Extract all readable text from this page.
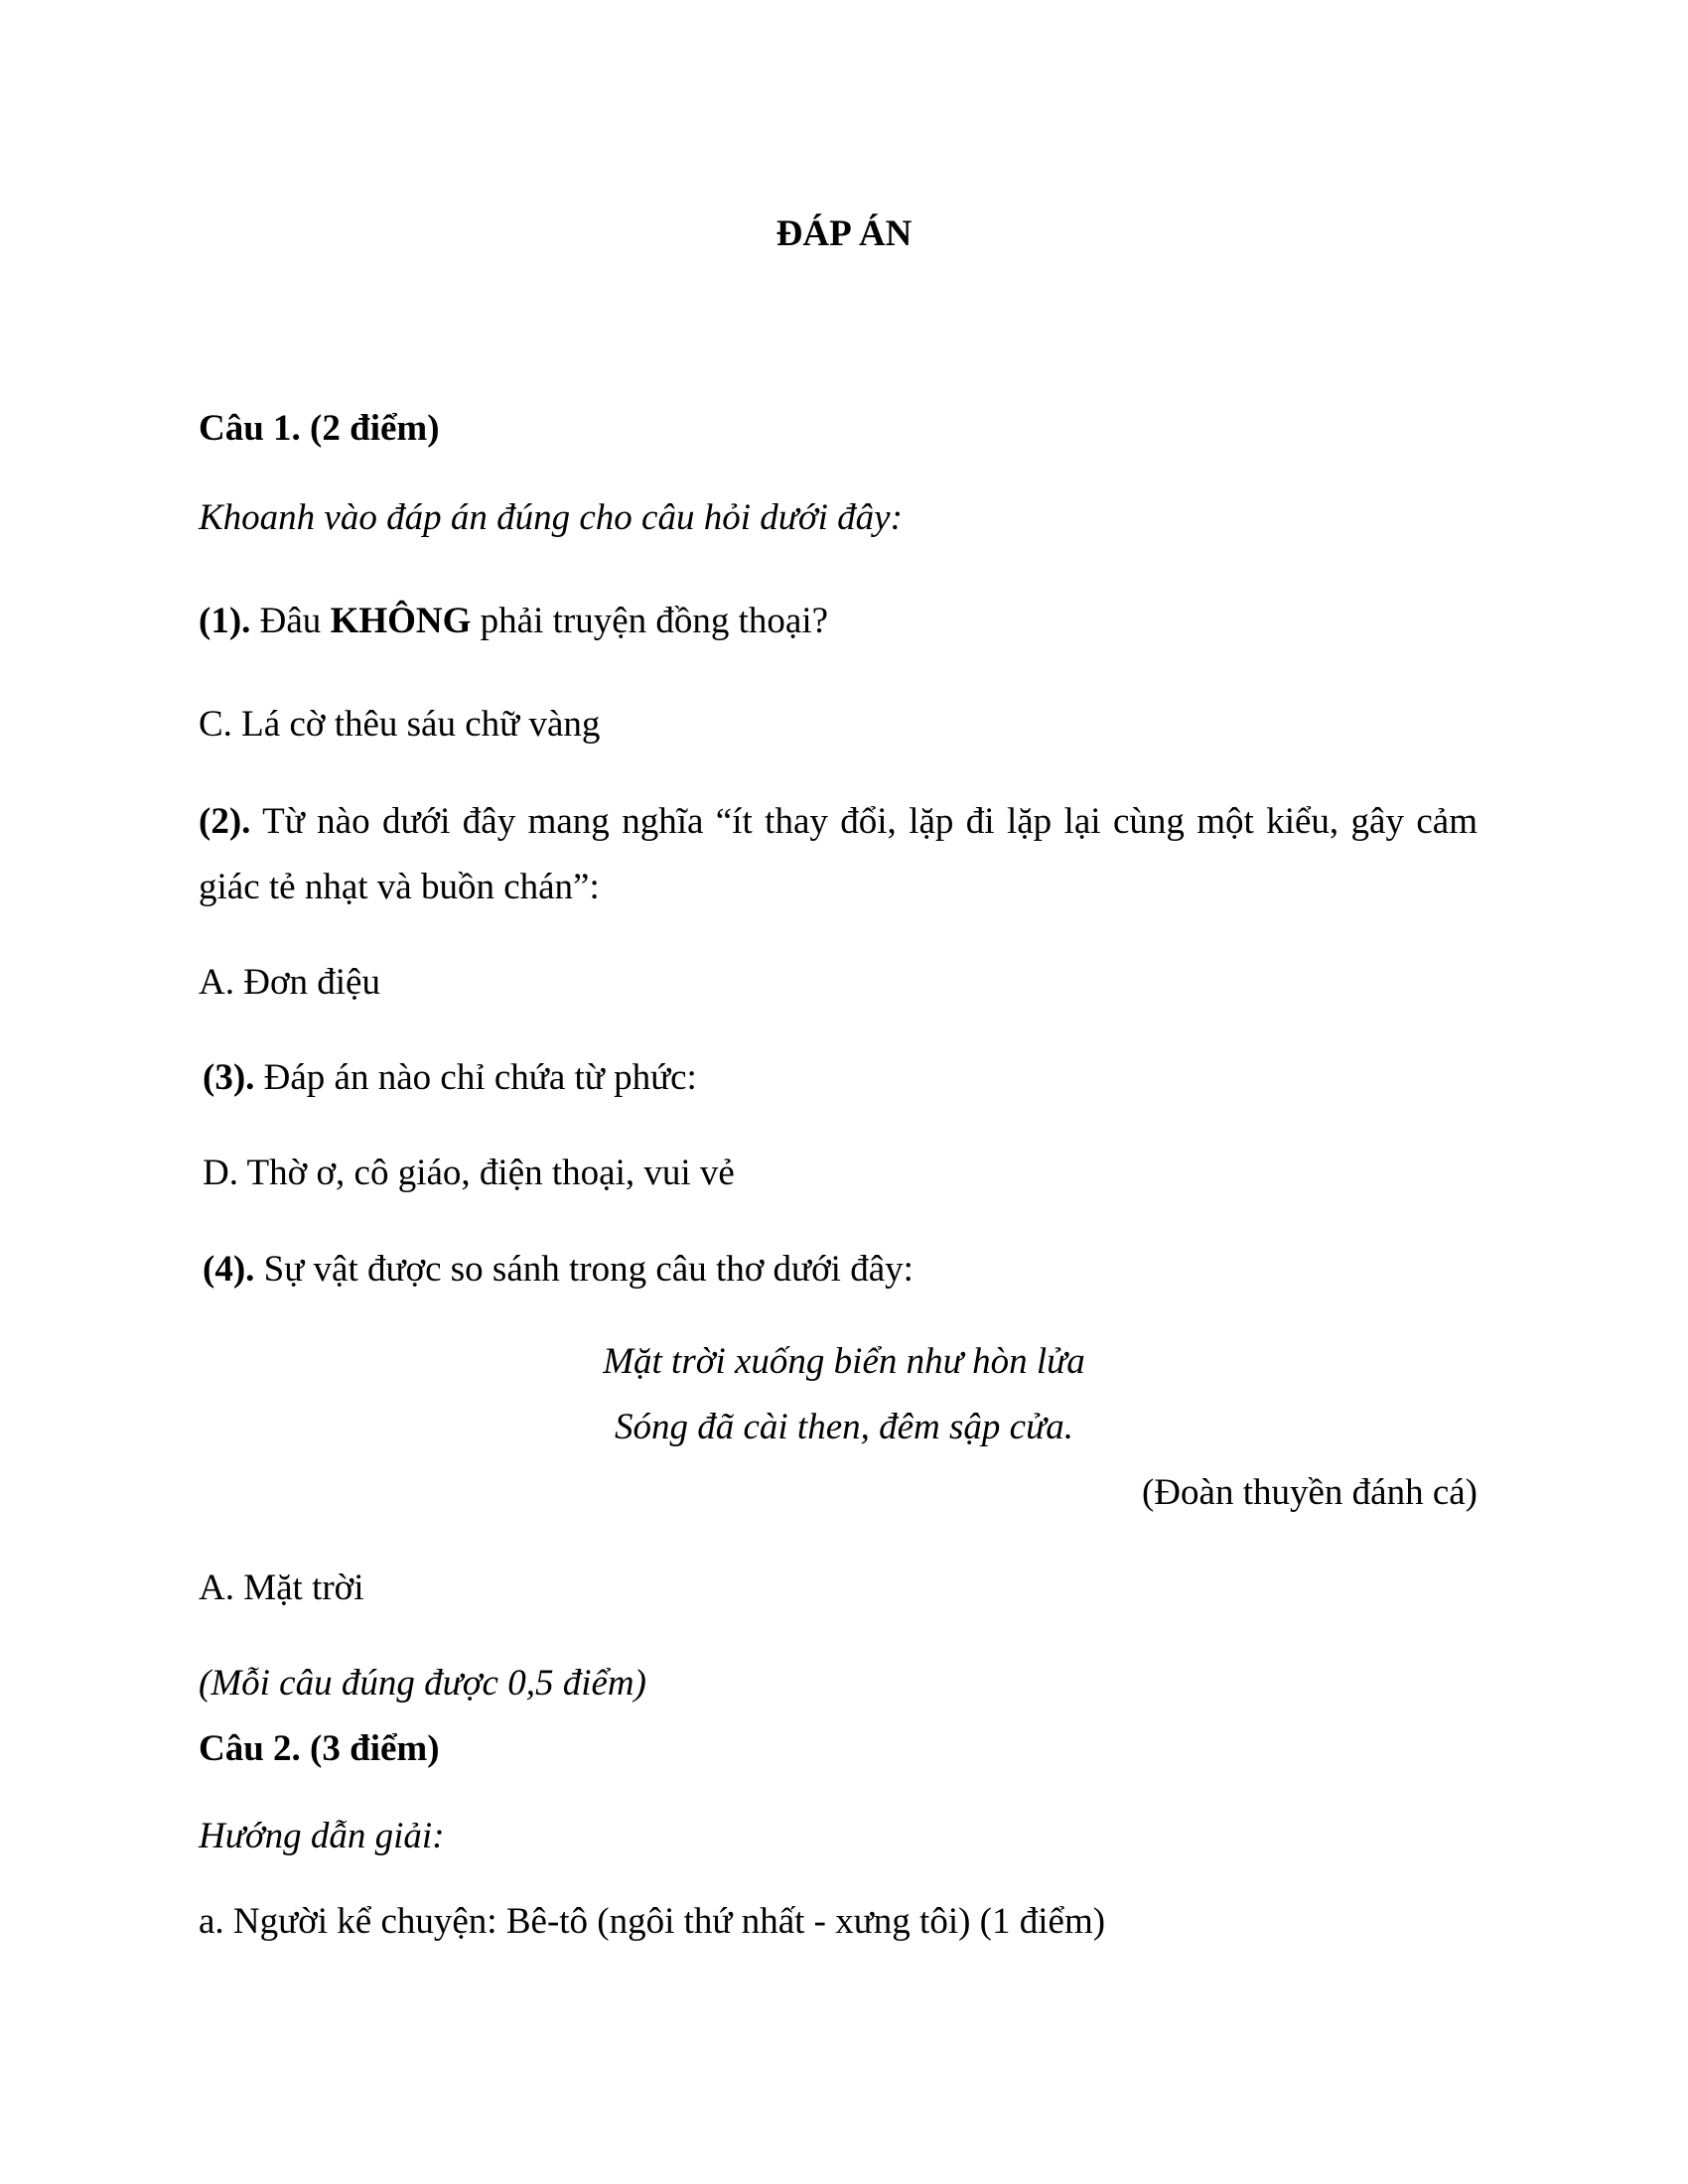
ĐÁP ÁN
Câu 1. (2 điểm)
Khoanh vào đáp án đúng cho câu hỏi dưới đây:
(1). Đâu KHÔNG phải truyện đồng thoại?
C. Lá cờ thêu sáu chữ vàng
(2). Từ nào dưới đây mang nghĩa “ít thay đổi, lặp đi lặp lại cùng một kiểu, gây cảm giác tẻ nhạt và buồn chán”:
A. Đơn điệu
(3). Đáp án nào chỉ chứa từ phức:
D. Thờ ơ, cô giáo, điện thoại, vui vẻ
(4). Sự vật được so sánh trong câu thơ dưới đây:
Mặt trời xuống biển như hòn lửa
Sóng đã cài then, đêm sập cửa.
(Đoàn thuyền đánh cá)
A. Mặt trời
(Mỗi câu đúng được 0,5 điểm)
Câu 2. (3 điểm)
Hướng dẫn giải:
a. Người kể chuyện: Bê-tô (ngôi thứ nhất - xưng tôi) (1 điểm)
